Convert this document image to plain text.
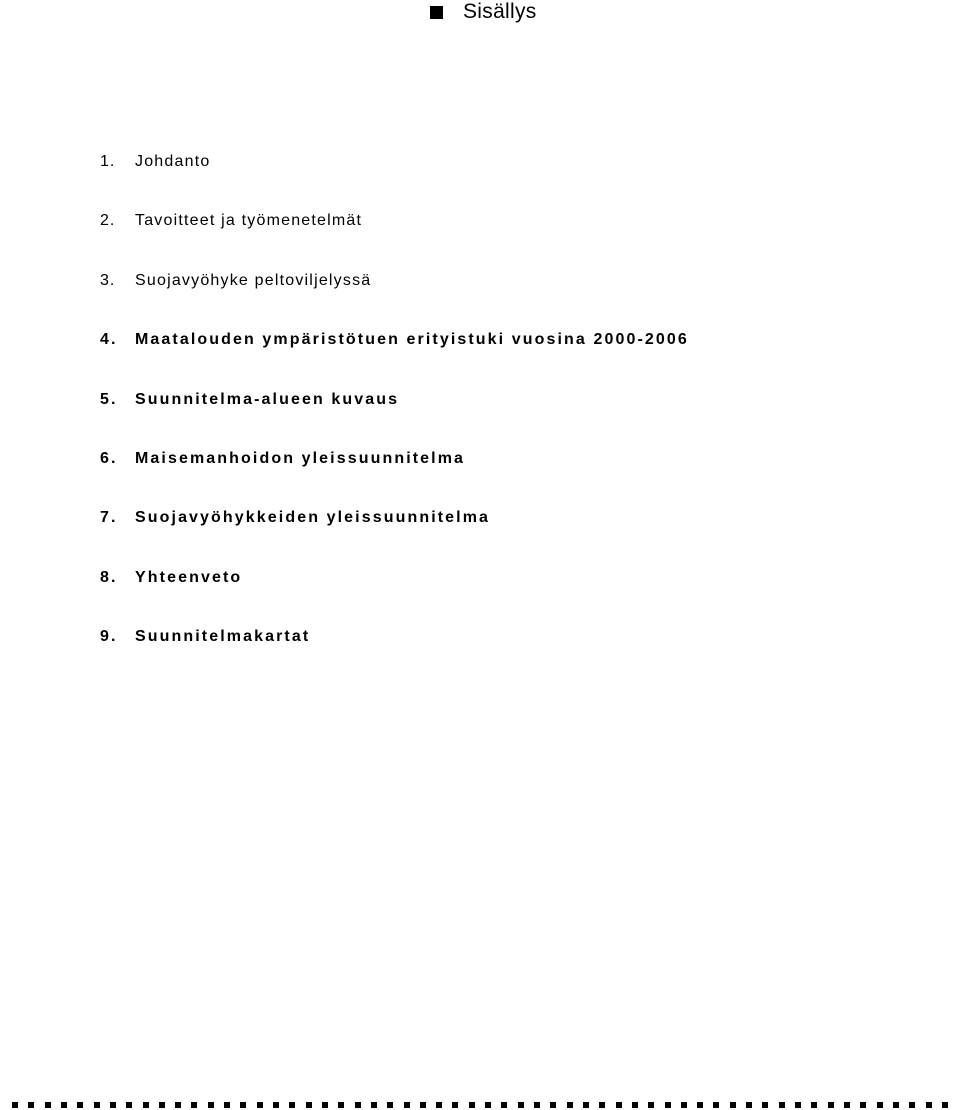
Sisällys
1.	Johdanto
2.	Tavoitteet ja työmenetelmät
3.	Suojavyöhyke peltoviljelyssä
4.	Maatalouden ympäristötuen erityistuki vuosina 2000-2006
5.	Suunnitelma-alueen kuvaus
6.	Maisemanhoidon yleissuunnitelma
7.	Suojavyöhykkeiden yleissuunnitelma
8.	Yhteenveto
9.	Suunnitelmakartat
